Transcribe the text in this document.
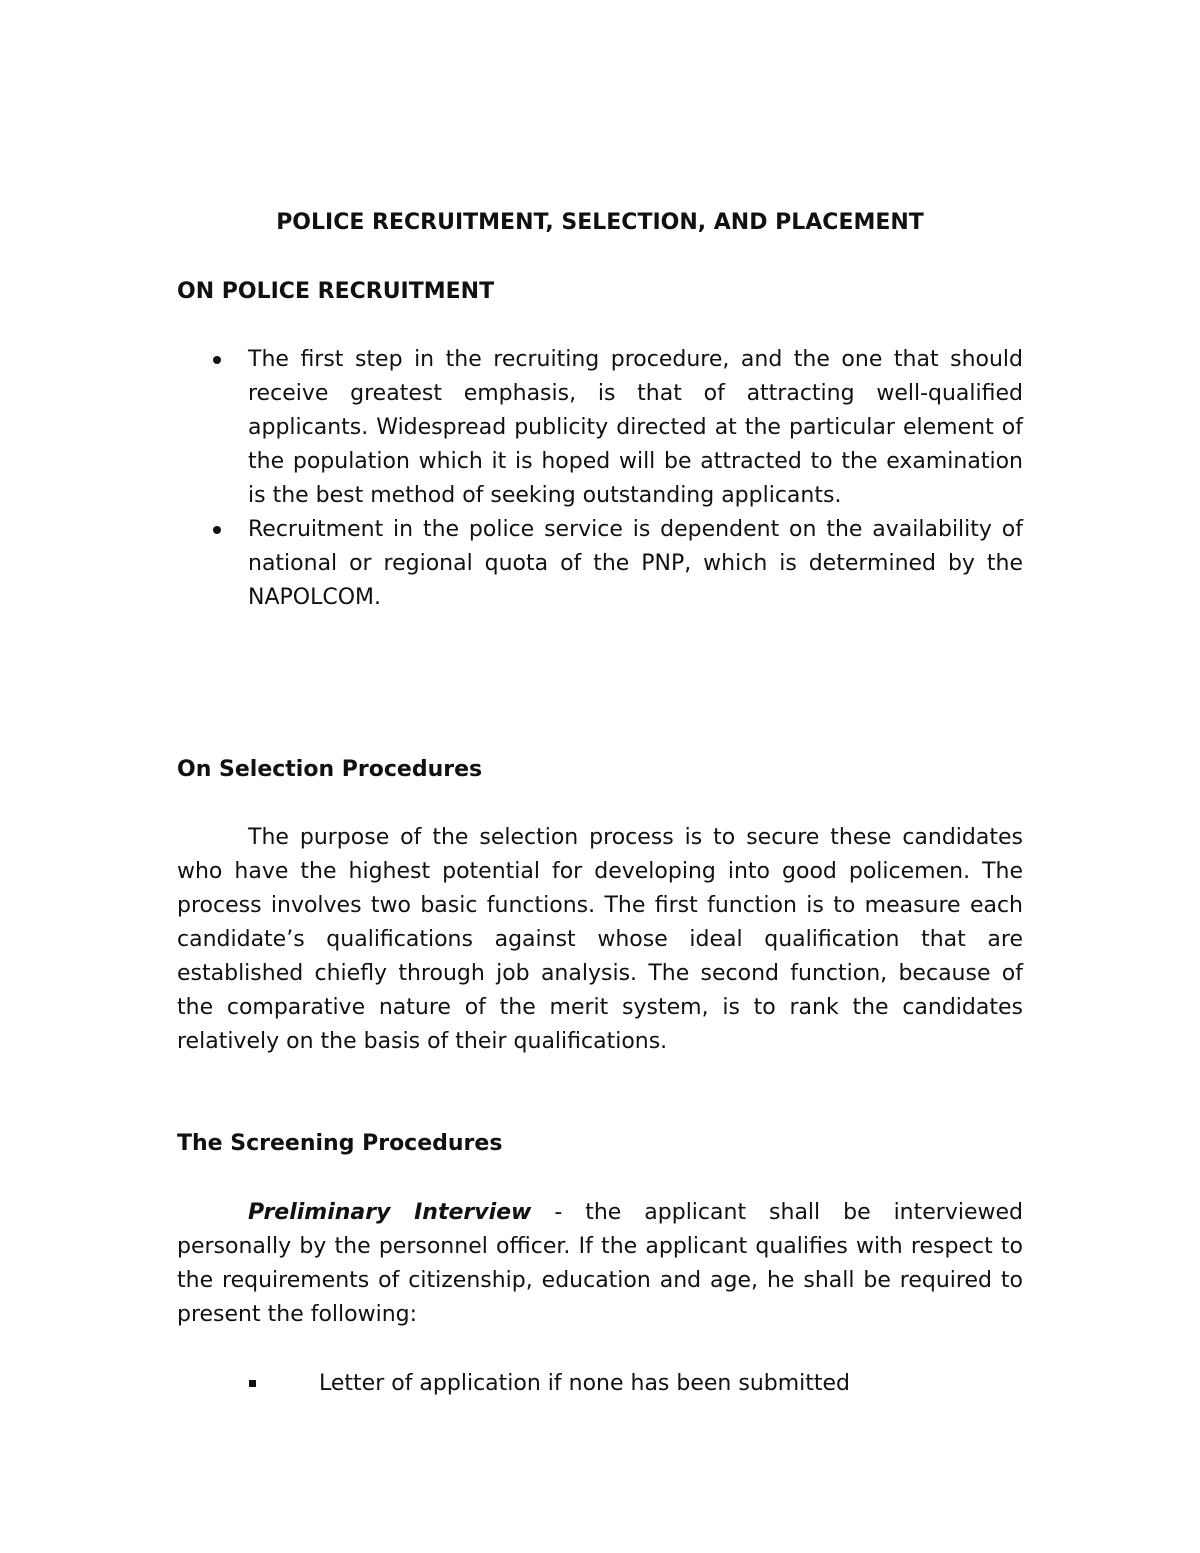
POLICE RECRUITMENT, SELECTION, AND PLACEMENT
ON POLICE RECRUITMENT
The first step in the recruiting procedure, and the one that should receive greatest emphasis, is that of attracting well-qualified applicants. Widespread publicity directed at the particular element of the population which it is hoped will be attracted to the examination is the best method of seeking outstanding applicants.
Recruitment in the police service is dependent on the availability of national or regional quota of the PNP, which is determined by the NAPOLCOM.
On Selection Procedures

The purpose of the selection process is to secure these candidates who have the highest potential for developing into good policemen. The process involves two basic functions. The first function is to measure each candidate’s qualifications against whose ideal qualification that are established chiefly through job analysis. The second function, because of the comparative nature of the merit system, is to rank the candidates relatively on the basis of their qualifications.

The Screening Procedures

Preliminary Interview - the applicant shall be interviewed personally by the personnel officer. If the applicant qualifies with respect to the requirements of citizenship, education and age, he shall be required to present the following:

Letter of application if none has been submitted
